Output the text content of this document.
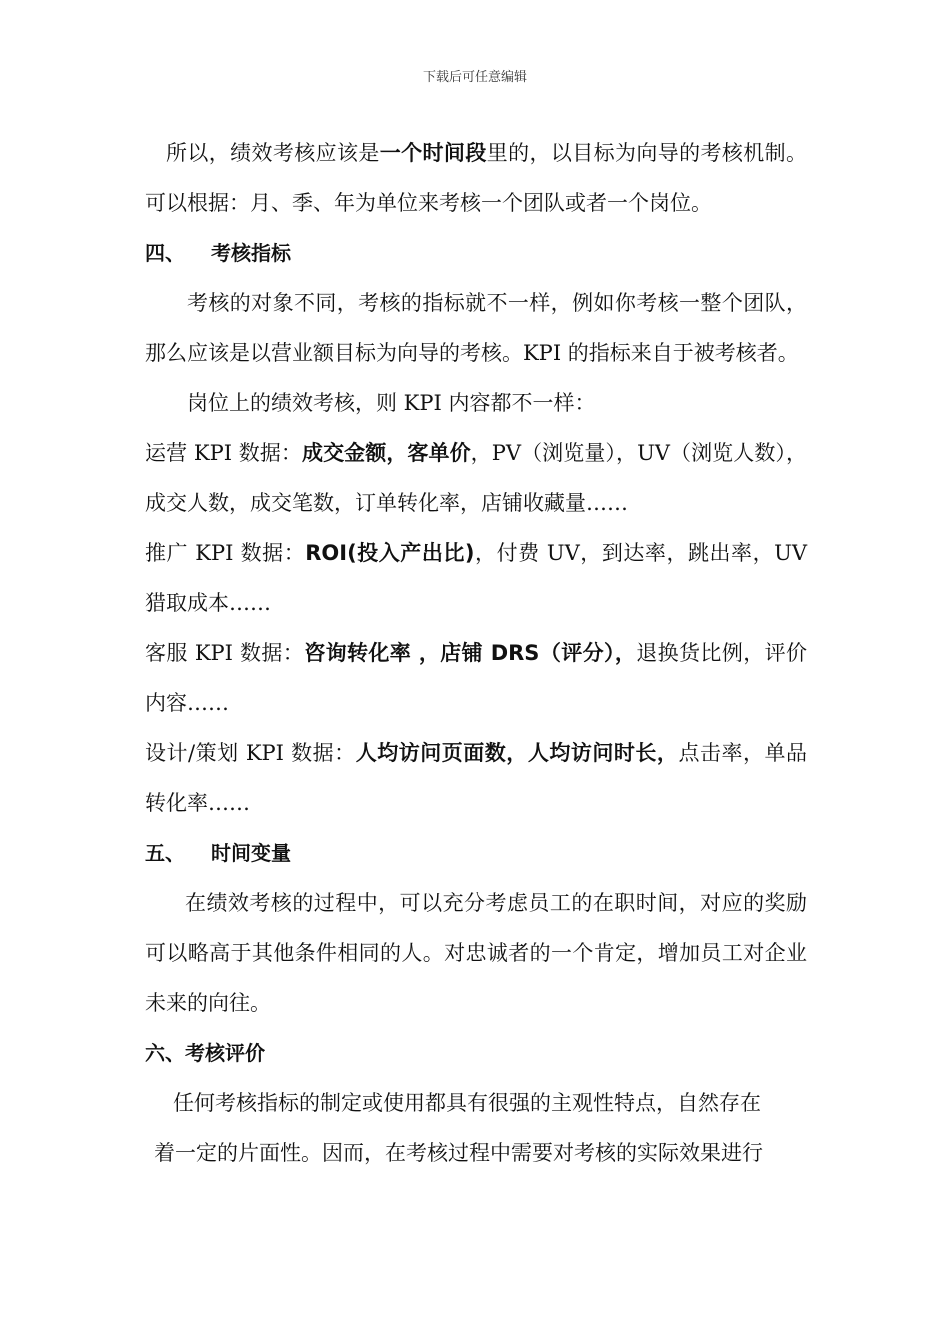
下载后可任意编辑

所以，绩效考核应该是一个时间段里的，以目标为向导的考核机制。可以根据：月、季、年为单位来考核一个团队或者一个岗位。

四、 考核指标

考核的对象不同，考核的指标就不一样，例如你考核一整个团队，那么应该是以营业额目标为向导的考核。KPI 的指标来自于被考核者。

岗位上的绩效考核，则 KPI 内容都不一样：

运营 KPI 数据：成交金额，客单价，PV（浏览量），UV（浏览人数），成交人数，成交笔数，订单转化率，店铺收藏量……

推广 KPI 数据：ROI(投入产出比)，付费 UV，到达率，跳出率，UV 猎取成本……

客服 KPI 数据：咨询转化率 ，店铺 DRS（评分），退换货比例，评价内容……

设计/策划 KPI 数据：人均访问页面数，人均访问时长，点击率，单品转化率……

五、 时间变量

在绩效考核的过程中，可以充分考虑员工的在职时间，对应的奖励可以略高于其他条件相同的人。对忠诚者的一个肯定，增加员工对企业未来的向往。

六、考核评价

任何考核指标的制定或使用都具有很强的主观性特点，自然存在

着一定的片面性。因而，在考核过程中需要对考核的实际效果进行
